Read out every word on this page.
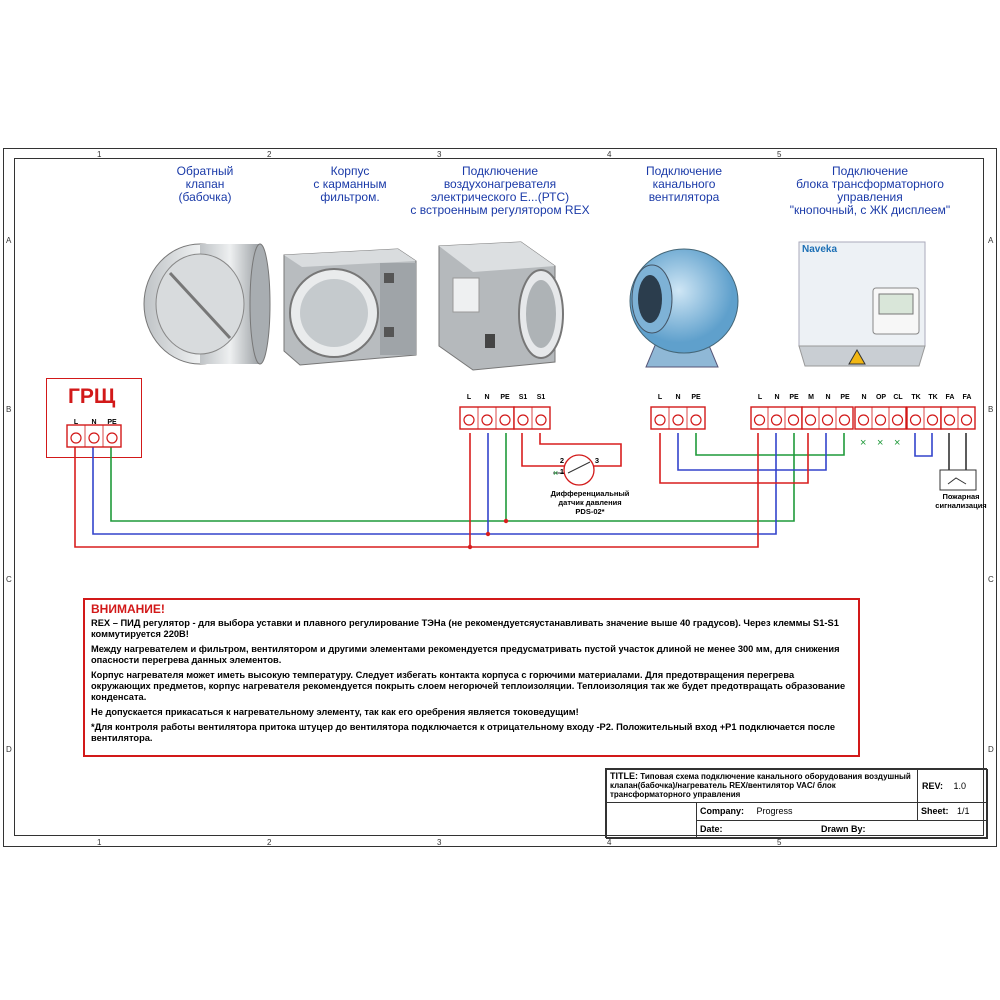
1	2	3	4	5
1	2	3	4	5
A
B
C
D
A
B
C
D
Обратный
клапан
(бабочка)
Корпус
с карманным
фильтром.
Подключение
воздухонагревателя
электрического Е...(РТС)
с встроенным регулятором REX
Подключение
канального
вентилятора
Подключение
блока трансформаторного
управления
"кнопочный, с ЖК дисплеем"
Naveka
ГРЩ
×
× × ×
L	N	PE
L	N	PE	S1	S1	L	N	PE	L	N	PE	M	N	PE	N	OP	CL	TK	TK	FA	FA
2
1
3
Дифференциальный
датчик давления
PDS-02*
Пожарная
сигнализация
ВНИМАНИЕ!

REX – ПИД регулятор - для выбора уставки и плавного регулирование ТЭНа (не рекомендуетсяустанавливать значение выше 40 градусов). Через клеммы S1-S1 коммутируется 220В!

Между нагревателем и фильтром, вентилятором и другими элементами рекомендуется предусматривать пустой участок длиной не менее 300 мм, для снижения опасности перегрева данных элементов.

Корпус нагревателя может иметь высокую температуру. Следует избегать контакта корпуса с горючими материалами. Для предотвращения перегрева окружающих предметов, корпус нагревателя рекомендуется покрыть слоем негорючей теплоизоляции. Теплоизоляция так же будет предотвращать образование конденсата.

Не допускается прикасаться к нагревательному элементу, так как его оребрения является токоведущим!

*Для контроля работы вентилятора притока штуцер до вентилятора подключается к отрицательному входу -P2. Положительный вход +P1 подключается после вентилятора.

TITLE: Типовая схема подключение канального оборудования воздушный клапан(бабочка)/нагреватель REX/вентилятор VAC/ блок трансформаторного управления
REV: 1.0
Company: Progress	Sheet: 1/1
Date:	Drawn By:
